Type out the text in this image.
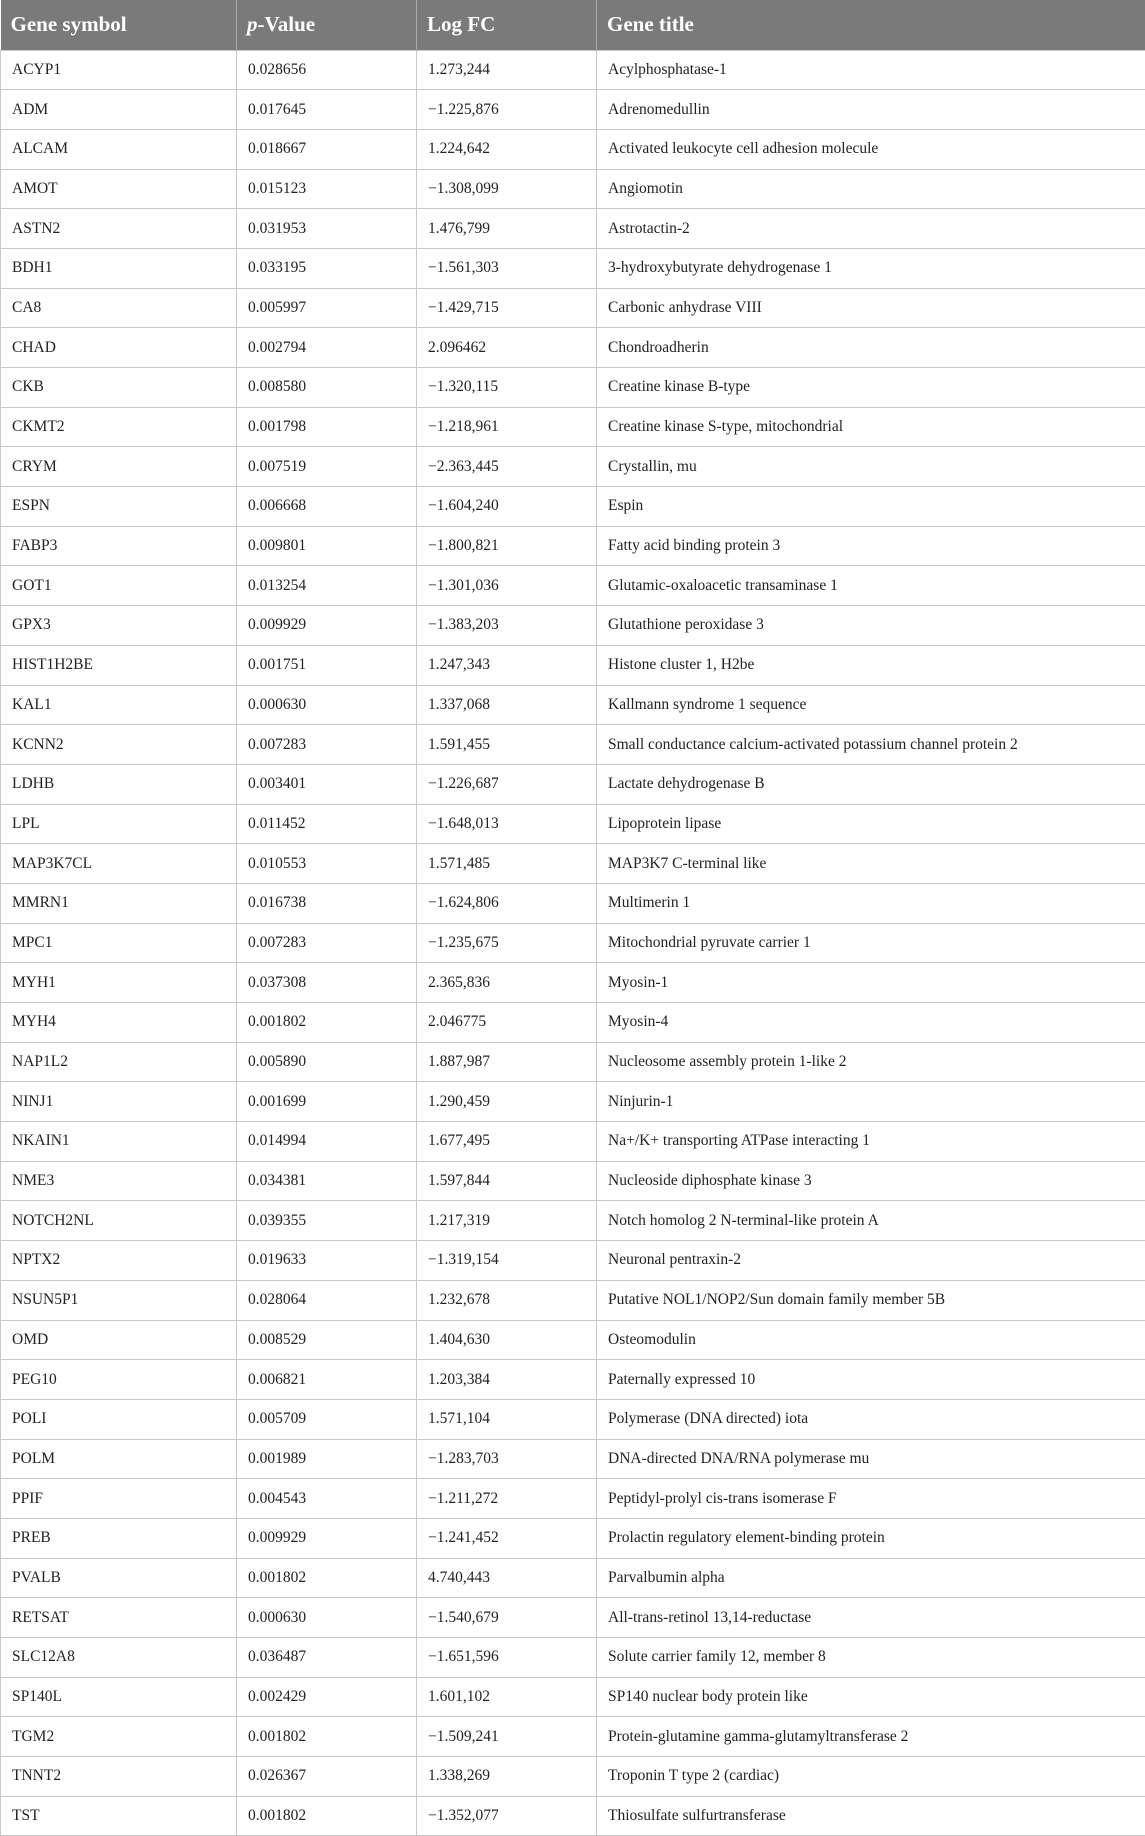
Gene symbol	p-Value	Log FC	Gene title
ACYP1	0.028656	1.273,244	Acylphosphatase-1
ADM	0.017645	−1.225,876	Adrenomedullin
ALCAM	0.018667	1.224,642	Activated leukocyte cell adhesion molecule
AMOT	0.015123	−1.308,099	Angiomotin
ASTN2	0.031953	1.476,799	Astrotactin-2
BDH1	0.033195	−1.561,303	3-hydroxybutyrate dehydrogenase 1
CA8	0.005997	−1.429,715	Carbonic anhydrase VIII
CHAD	0.002794	2.096462	Chondroadherin
CKB	0.008580	−1.320,115	Creatine kinase B-type
CKMT2	0.001798	−1.218,961	Creatine kinase S-type, mitochondrial
CRYM	0.007519	−2.363,445	Crystallin, mu
ESPN	0.006668	−1.604,240	Espin
FABP3	0.009801	−1.800,821	Fatty acid binding protein 3
GOT1	0.013254	−1.301,036	Glutamic-oxaloacetic transaminase 1
GPX3	0.009929	−1.383,203	Glutathione peroxidase 3
HIST1H2BE	0.001751	1.247,343	Histone cluster 1, H2be
KAL1	0.000630	1.337,068	Kallmann syndrome 1 sequence
KCNN2	0.007283	1.591,455	Small conductance calcium-activated potassium channel protein 2
LDHB	0.003401	−1.226,687	Lactate dehydrogenase B
LPL	0.011452	−1.648,013	Lipoprotein lipase
MAP3K7CL	0.010553	1.571,485	MAP3K7 C-terminal like
MMRN1	0.016738	−1.624,806	Multimerin 1
MPC1	0.007283	−1.235,675	Mitochondrial pyruvate carrier 1
MYH1	0.037308	2.365,836	Myosin-1
MYH4	0.001802	2.046775	Myosin-4
NAP1L2	0.005890	1.887,987	Nucleosome assembly protein 1-like 2
NINJ1	0.001699	1.290,459	Ninjurin-1
NKAIN1	0.014994	1.677,495	Na+/K+ transporting ATPase interacting 1
NME3	0.034381	1.597,844	Nucleoside diphosphate kinase 3
NOTCH2NL	0.039355	1.217,319	Notch homolog 2 N-terminal-like protein A
NPTX2	0.019633	−1.319,154	Neuronal pentraxin-2
NSUN5P1	0.028064	1.232,678	Putative NOL1/NOP2/Sun domain family member 5B
OMD	0.008529	1.404,630	Osteomodulin
PEG10	0.006821	1.203,384	Paternally expressed 10
POLI	0.005709	1.571,104	Polymerase (DNA directed) iota
POLM	0.001989	−1.283,703	DNA-directed DNA/RNA polymerase mu
PPIF	0.004543	−1.211,272	Peptidyl-prolyl cis-trans isomerase F
PREB	0.009929	−1.241,452	Prolactin regulatory element-binding protein
PVALB	0.001802	4.740,443	Parvalbumin alpha
RETSAT	0.000630	−1.540,679	All-trans-retinol 13,14-reductase
SLC12A8	0.036487	−1.651,596	Solute carrier family 12, member 8
SP140L	0.002429	1.601,102	SP140 nuclear body protein like
TGM2	0.001802	−1.509,241	Protein-glutamine gamma-glutamyltransferase 2
TNNT2	0.026367	1.338,269	Troponin T type 2 (cardiac)
TST	0.001802	−1.352,077	Thiosulfate sulfurtransferase
